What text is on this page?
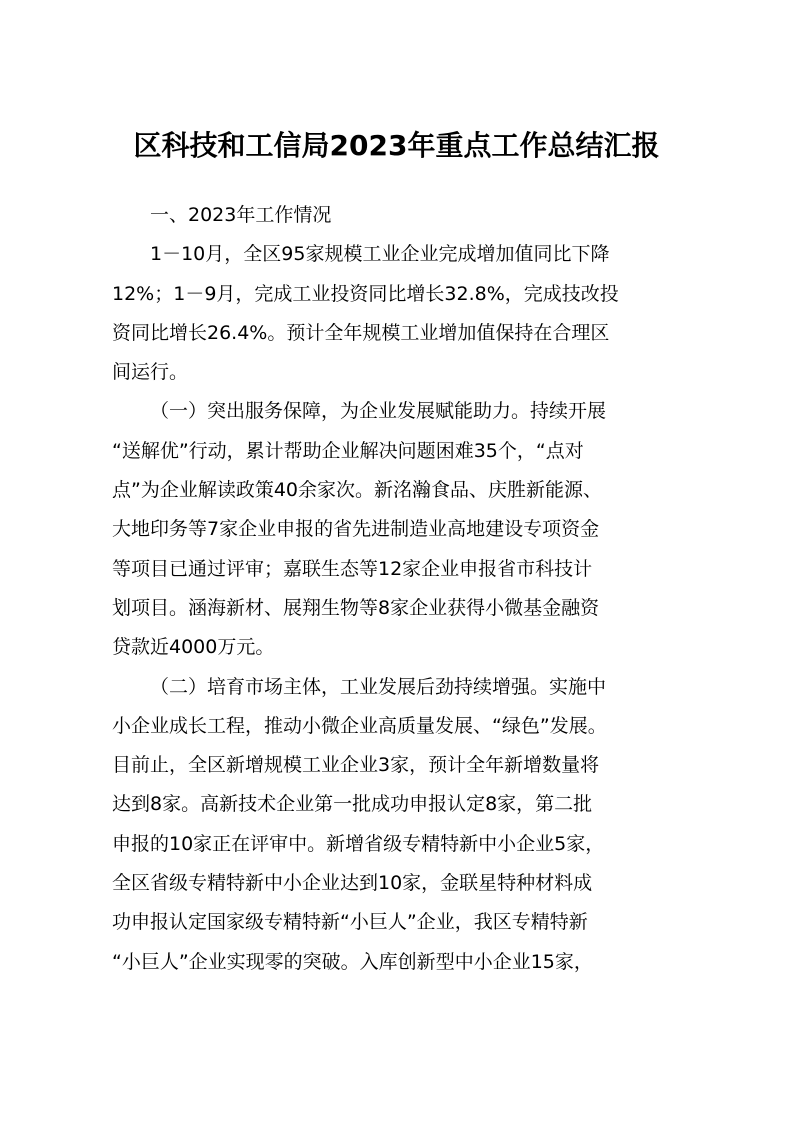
区科技和工信局2023年重点工作总结汇报

一、2023年工作情况

1－10月，全区95家规模工业企业完成增加值同比下降
12%；1－9月，完成工业投资同比增长32.8%，完成技改投
资同比增长26.4%。预计全年规模工业增加值保持在合理区
间运行。

（一）突出服务保障，为企业发展赋能助力。持续开展
“送解优”行动，累计帮助企业解决问题困难35个，“点对
点”为企业解读政策40余家次。新洺瀚食品、庆胜新能源、
大地印务等7家企业申报的省先进制造业高地建设专项资金
等项目已通过评审；嘉联生态等12家企业申报省市科技计
划项目。涵海新材、展翔生物等8家企业获得小微基金融资
贷款近4000万元。

（二）培育市场主体，工业发展后劲持续增强。实施中
小企业成长工程，推动小微企业高质量发展、“绿色”发展。
目前止，全区新增规模工业企业3家，预计全年新增数量将
达到8家。高新技术企业第一批成功申报认定8家，第二批
申报的10家正在评审中。新增省级专精特新中小企业5家，
全区省级专精特新中小企业达到10家，金联星特种材料成
功申报认定国家级专精特新“小巨人”企业，我区专精特新
“小巨人”企业实现零的突破。入库创新型中小企业15家，
